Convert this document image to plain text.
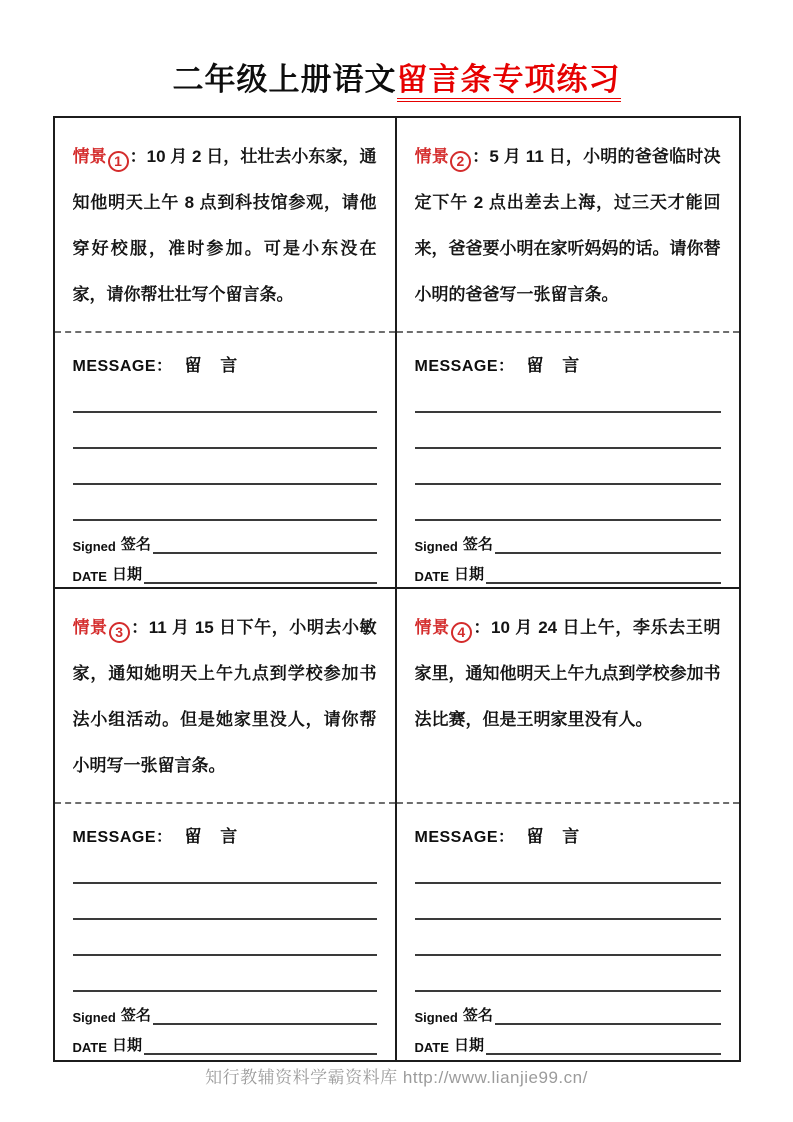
二年级上册语文留言条专项练习

情景 1 ：10 月 2 日，壮壮去小东家，通知他明天上午 8 点到科技馆参观，请他穿好校服，准时参加。可是小东没在家，请你帮壮壮写个留言条。

MESSAGE： 留 言
Signed 签名
DATE 日期

情景 2 ：5 月 11 日，小明的爸爸临时决定下午 2 点出差去上海，过三天才能回来，爸爸要小明在家听妈妈的话。请你替小明的爸爸写一张留言条。

MESSAGE： 留 言
Signed 签名
DATE 日期

情景 3 ：11 月 15 日下午，小明去小敏家，通知她明天上午九点到学校参加书法小组活动。但是她家里没人，请你帮小明写一张留言条。

MESSAGE： 留 言
Signed 签名
DATE 日期

情景 4 ：10 月 24 日上午，李乐去王明家里，通知他明天上午九点到学校参加书法比赛，但是王明家里没有人。

MESSAGE： 留 言
Signed 签名
DATE 日期
知行教辅资料学霸资料库 http://www.lianjie99.cn/
